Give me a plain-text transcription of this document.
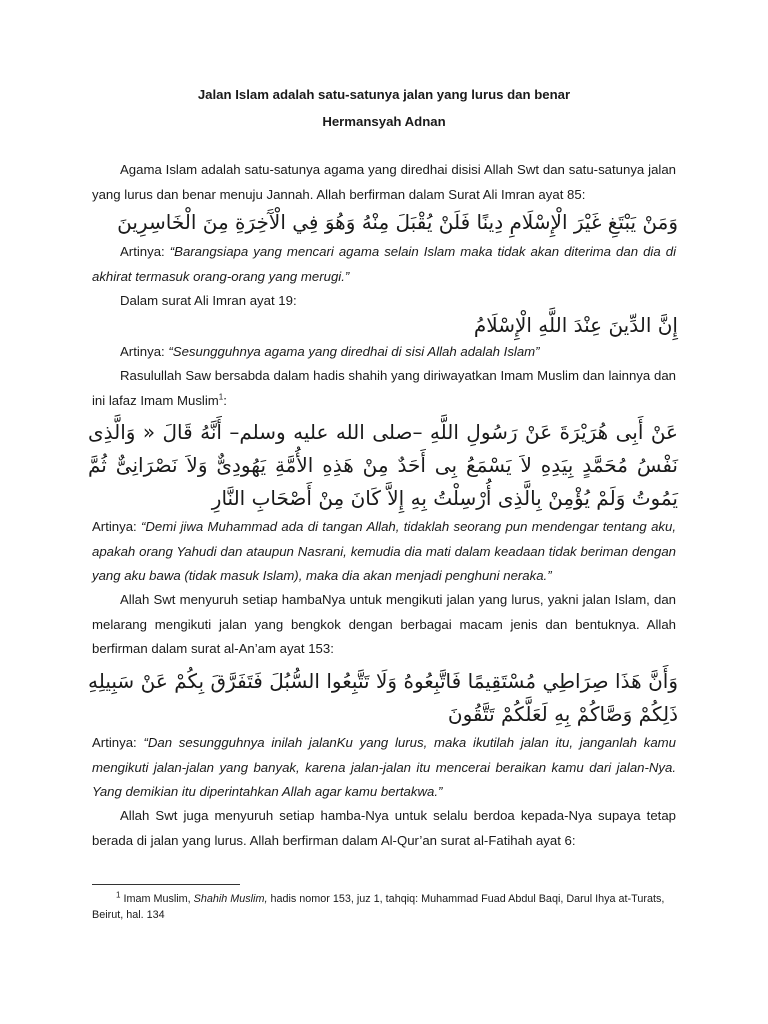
Jalan Islam adalah satu-satunya jalan yang lurus dan benar
Hermansyah Adnan

Agama Islam adalah satu-satunya agama yang diredhai disisi Allah Swt dan satu-satunya jalan yang lurus dan benar menuju Jannah. Allah berfirman dalam Surat Ali Imran ayat 85:

وَمَنْ يَبْتَغِ غَيْرَ الْإِسْلَامِ دِينًا فَلَنْ يُقْبَلَ مِنْهُ وَهُوَ فِي الْآَخِرَةِ مِنَ الْخَاسِرِينَ

Artinya: “Barangsiapa yang mencari agama selain Islam maka tidak akan diterima dan dia di akhirat termasuk orang-orang yang merugi.”

Dalam surat Ali Imran ayat 19:

إِنَّ الدِّينَ عِنْدَ اللَّهِ الْإِسْلَامُ

Artinya: “Sesungguhnya agama yang diredhai di sisi Allah adalah Islam”

Rasulullah Saw bersabda dalam hadis shahih yang diriwayatkan Imam Muslim dan lainnya dan ini lafaz Imam Muslim$^1$:

عَنْ أَبِى هُرَيْرَةَ عَنْ رَسُولِ اللَّهِ –صلى الله عليه وسلم– أَنَّهُ قَالَ « وَالَّذِى نَفْسُ مُحَمَّدٍ بِيَدِهِ لاَ يَسْمَعُ بِى أَحَدٌ مِنْ هَذِهِ الأُمَّةِ يَهُودِىٌّ وَلاَ نَصْرَانِىٌّ ثُمَّ يَمُوتُ وَلَمْ يُؤْمِنْ بِالَّذِى أُرْسِلْتُ بِهِ إِلاَّ كَانَ مِنْ أَصْحَابِ النَّارِ

Artinya: “Demi jiwa Muhammad ada di tangan Allah, tidaklah seorang pun mendengar tentang aku, apakah orang Yahudi dan ataupun Nasrani, kemudia dia mati dalam keadaan tidak beriman dengan yang aku bawa (tidak masuk Islam), maka dia akan menjadi penghuni neraka.”

Allah Swt menyuruh setiap hambaNya untuk mengikuti jalan yang lurus, yakni jalan Islam, dan melarang mengikuti jalan yang bengkok dengan berbagai macam jenis dan bentuknya. Allah berfirman dalam surat al-An’am ayat 153:

وَأَنَّ هَذَا صِرَاطِي مُسْتَقِيمًا فَاتَّبِعُوهُ وَلَا تَتَّبِعُوا السُّبُلَ فَتَفَرَّقَ بِكُمْ عَنْ سَبِيلِهِ ذَلِكُمْ وَصَّاكُمْ بِهِ لَعَلَّكُمْ تَتَّقُونَ

Artinya: “Dan sesungguhnya inilah jalanKu yang lurus, maka ikutilah jalan itu, janganlah kamu mengikuti jalan-jalan yang banyak, karena jalan-jalan itu mencerai beraikan kamu dari jalan-Nya. Yang demikian itu diperintahkan Allah agar kamu bertakwa.”

Allah Swt juga menyuruh setiap hamba-Nya untuk selalu berdoa kepada-Nya supaya tetap berada di jalan yang lurus. Allah berfirman dalam Al-Qur’an surat al-Fatihah ayat 6:

$^1$ Imam Muslim, Shahih Muslim, hadis nomor 153, juz 1, tahqiq: Muhammad Fuad Abdul Baqi, Darul Ihya at-Turats, Beirut, hal. 134
